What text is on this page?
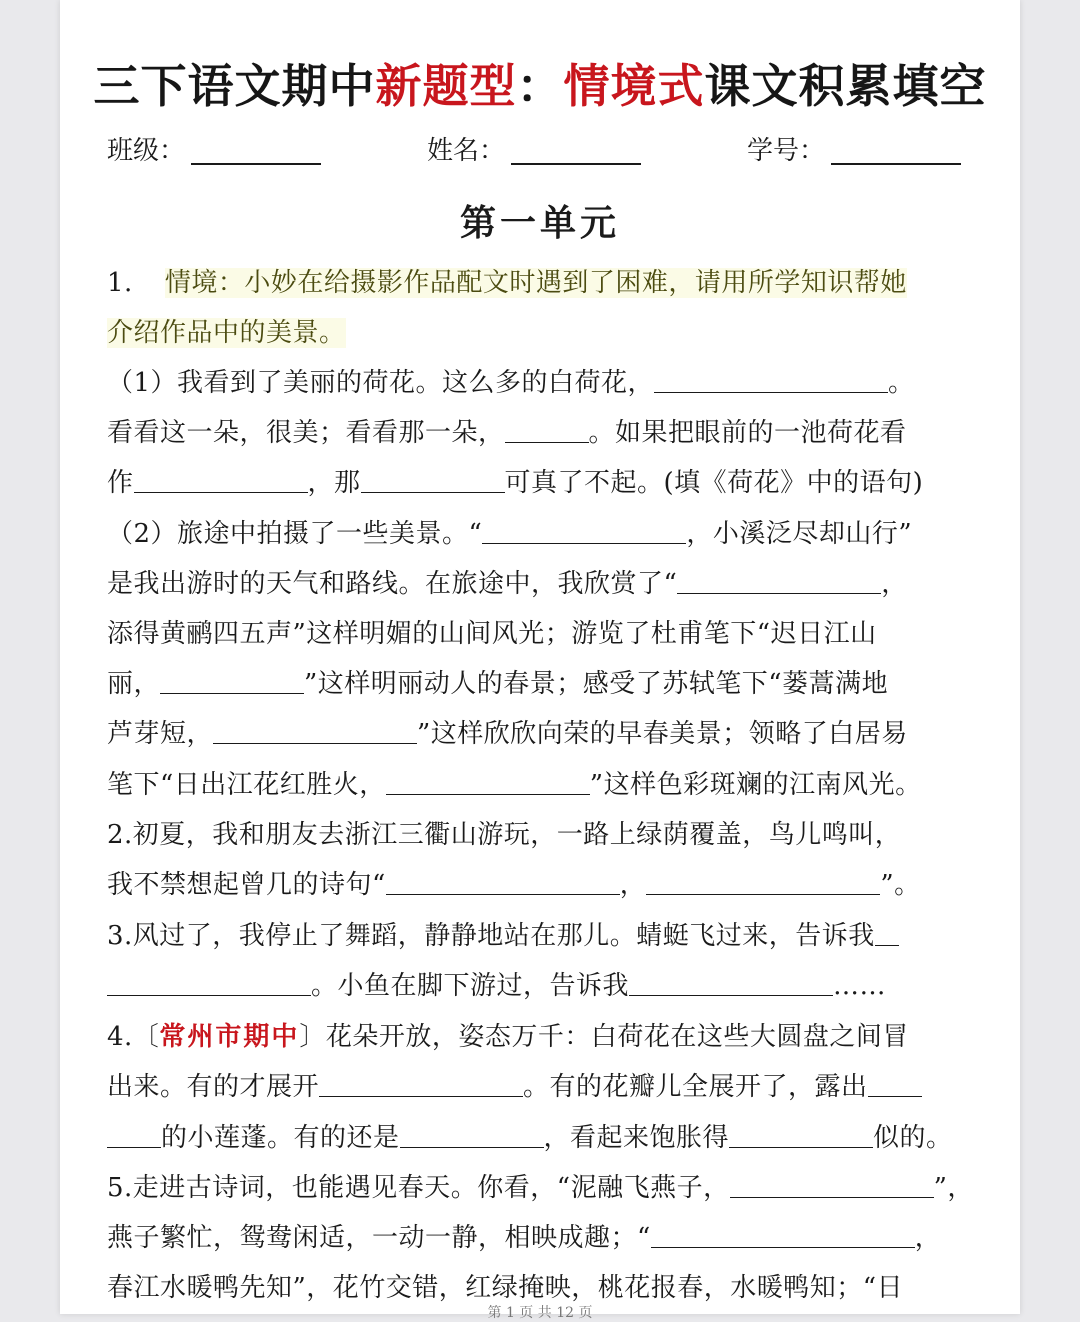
三下语文期中新题型：情境式课文积累填空
班级：	姓名：	学号：
第一单元
1. 情境：小妙在给摄影作品配文时遇到了困难，请用所学知识帮她
介绍作品中的美景。
（1）我看到了美丽的荷花。这么多的白荷花，	。
看看这一朵，很美；看看那一朵，	。如果把眼前的一池荷花看
作	，那	可真了不起。(填《荷花》中的语句)
（2）旅途中拍摄了一些美景。“	，小溪泛尽却山行”
是我出游时的天气和路线。在旅途中，我欣赏了“	，
添得黄鹂四五声”这样明媚的山间风光；游览了杜甫笔下“迟日江山
丽，	”这样明丽动人的春景；感受了苏轼笔下“蒌蒿满地
芦芽短，	”这样欣欣向荣的早春美景；领略了白居易
笔下“日出江花红胜火，	”这样色彩斑斓的江南风光。
2.初夏，我和朋友去浙江三衢山游玩，一路上绿荫覆盖，鸟儿鸣叫，
我不禁想起曾几的诗句“	，	”。
3.风过了，我停止了舞蹈，静静地站在那儿。蜻蜓飞过来，告诉我
。小鱼在脚下游过，告诉我	……
4.〔常州市期中〕花朵开放，姿态万千：白荷花在这些大圆盘之间冒
出来。有的才展开	。有的花瓣儿全展开了，露出
的小莲蓬。有的还是	，看起来饱胀得	似的。
5.走进古诗词，也能遇见春天。你看，“泥融飞燕子，	”，
燕子繁忙，鸳鸯闲适，一动一静，相映成趣；“	，
春江水暖鸭先知”，花竹交错，红绿掩映，桃花报春，水暖鸭知；“日
第 1 页 共 12 页
